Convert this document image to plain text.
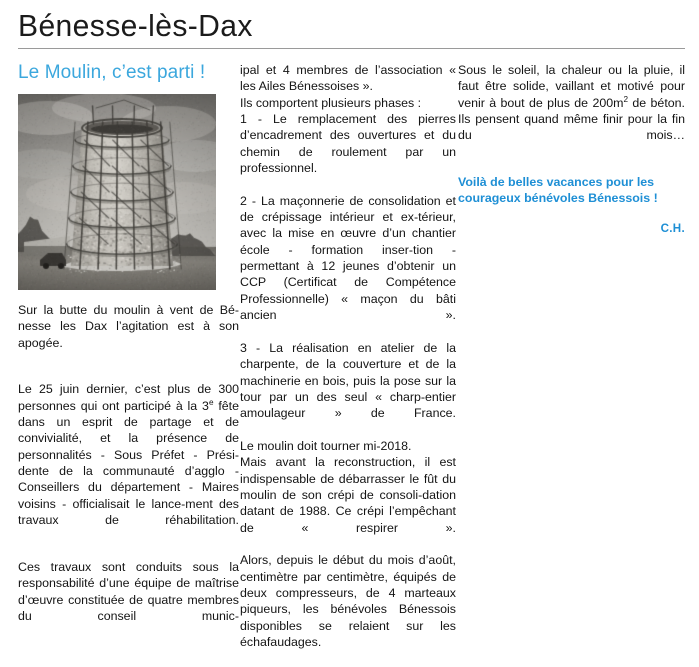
Bénesse-lès-Dax
Le Moulin, c’est parti !

Sur la butte du moulin à vent de Bé-​nesse les Dax l’agitation est à son apogée.

Le 25 juin dernier, c’est plus de 300 personnes qui ont participé à la 3e fête dans un esprit de partage et de convivialité, et la présence de personnalités - Sous Préfet - Prési-​dente de la communauté d’agglo - Conseillers du département - Maires voisins - officialisait le lance-​ment des travaux de réhabilitation.

Ces travaux sont conduits sous la responsabilité d’une équipe de maîtrise d’œuvre constituée de quatre membres du conseil munic-

ipal et 4 membres de l’association « les Ailes Bénessoises ».

Ils comportent plusieurs phases :

1 - Le remplacement des pierres d’encadrement des ouvertures et du chemin de roulement par un professionnel.

2 - La maçonnerie de consolidation et de crépissage intérieur et ex-​térieur, avec la mise en œuvre d’un chantier école - formation inser-​tion - permettant à 12 jeunes d’obtenir un CCP (Certificat de Compétence Professionnelle) « maçon du bâti ancien ».

3 - La réalisation en atelier de la charpente, de la couverture et de la machinerie en bois, puis la pose sur la tour par un des seul « charp-​entier amoulageur » de France.

Le moulin doit tourner mi-2018.

Mais avant la reconstruction, il est indispensable de débarrasser le fût du moulin de son crépi de consoli-​dation datant de 1988. Ce crépi l’empêchant de « respirer ».

Alors, depuis le début du mois d’août, centimètre par centimètre, équipés de deux compresseurs, de 4 marteaux piqueurs, les bénévoles Bénessois disponibles se relaient sur les échafaudages.

Sous le soleil, la chaleur ou la pluie, il faut être solide, vaillant et motivé pour venir à bout de plus de $200m^2$ de béton. Ils pensent quand même finir pour la fin du mois…

Voilà de belles vacances pour les courageux bénévoles Bénessois !

C.H.
